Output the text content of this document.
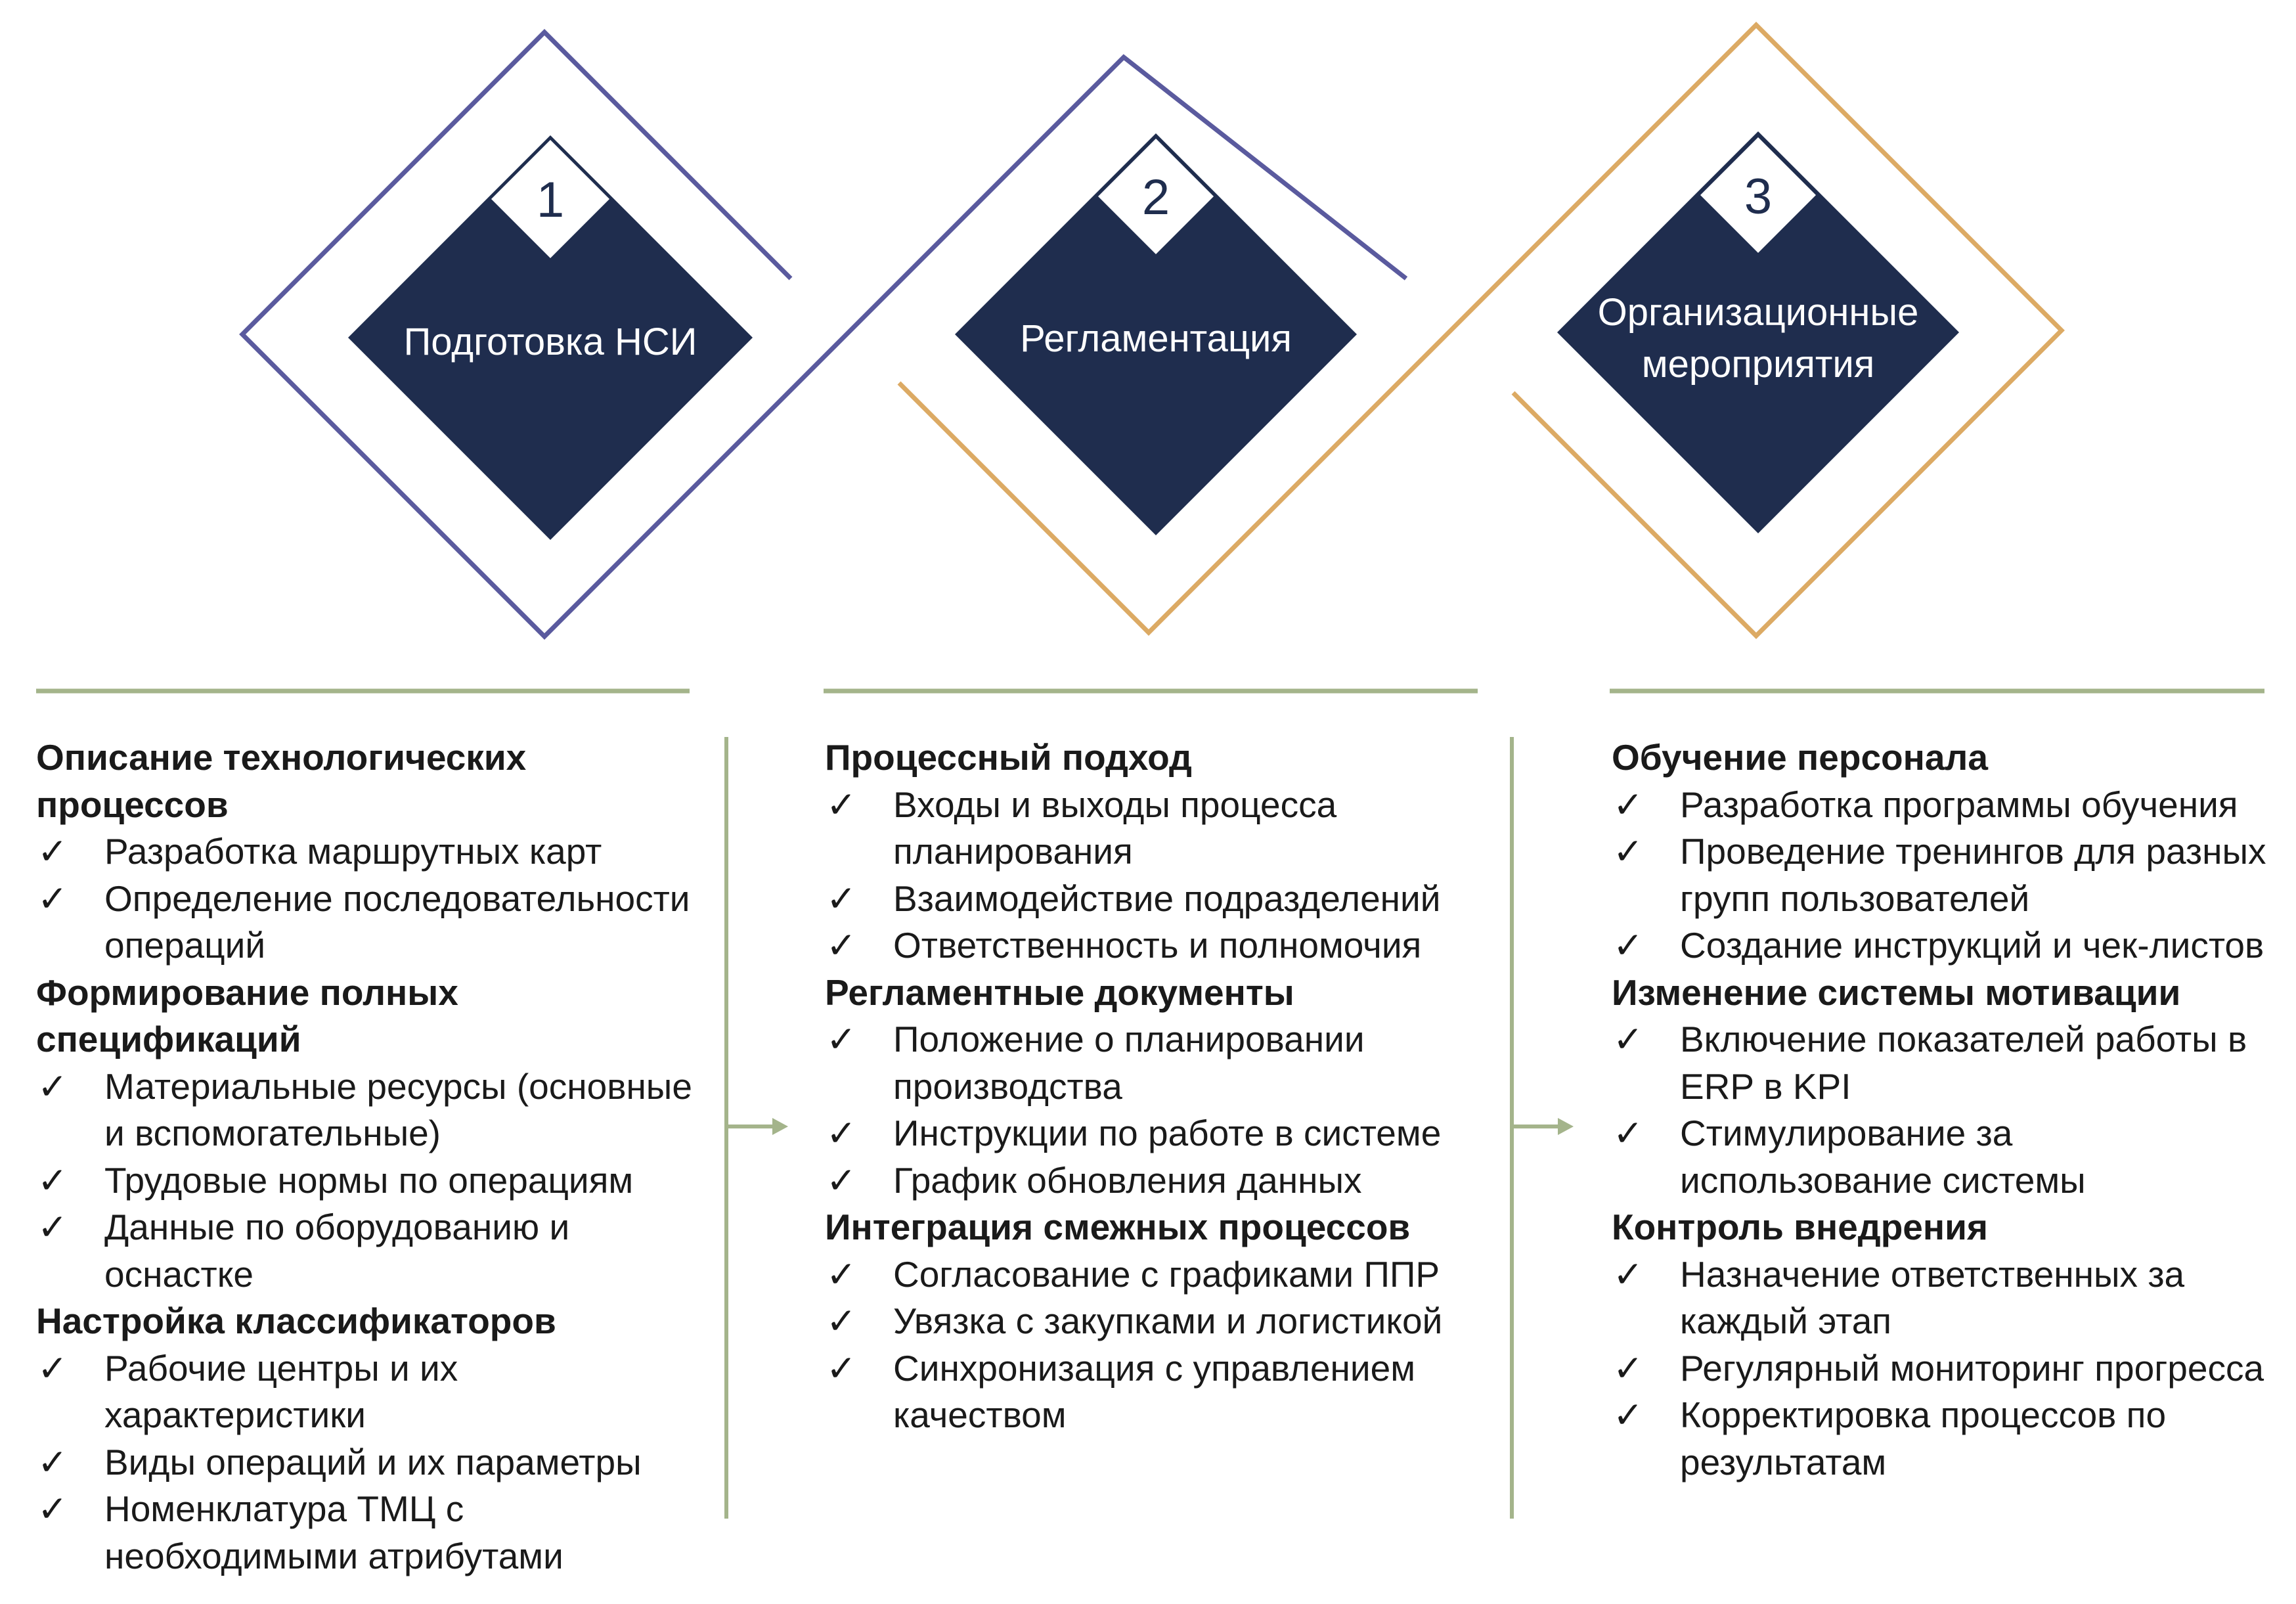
Подготовка НСИ	Регламентация
Организационные
мероприятия
1	2	3
Описание технологических процессов
✓ Разработка маршрутных карт
✓ Определение последовательности операций
Формирование полных спецификаций
✓ Материальные ресурсы (основные и вспомогательные)
✓ Трудовые нормы по операциям
✓ Данные по оборудованию и оснастке
Настройка классификаторов
✓ Рабочие центры и их характеристики
✓ Виды операций и их параметры
✓ Номенклатура ТМЦ с необходимыми атрибутами
Процессный подход
✓ Входы и выходы процесса планирования
✓ Взаимодействие подразделений
✓ Ответственность и полномочия
Регламентные документы
✓ Положение о планировании производства
✓ Инструкции по работе в системе
✓ График обновления данных
Интеграция смежных процессов
✓ Согласование с графиками ППР
✓ Увязка с закупками и логистикой
✓ Синхронизация с управлением качеством
Обучение персонала
✓ Разработка программы обучения
✓ Проведение тренингов для разных групп пользователей
✓ Создание инструкций и чек-листов
Изменение системы мотивации
✓ Включение показателей работы в ERP в KPI
✓ Стимулирование за использование системы
Контроль внедрения
✓ Назначение ответственных за каждый этап
✓ Регулярный мониторинг прогресса
✓ Корректировка процессов по результатам
